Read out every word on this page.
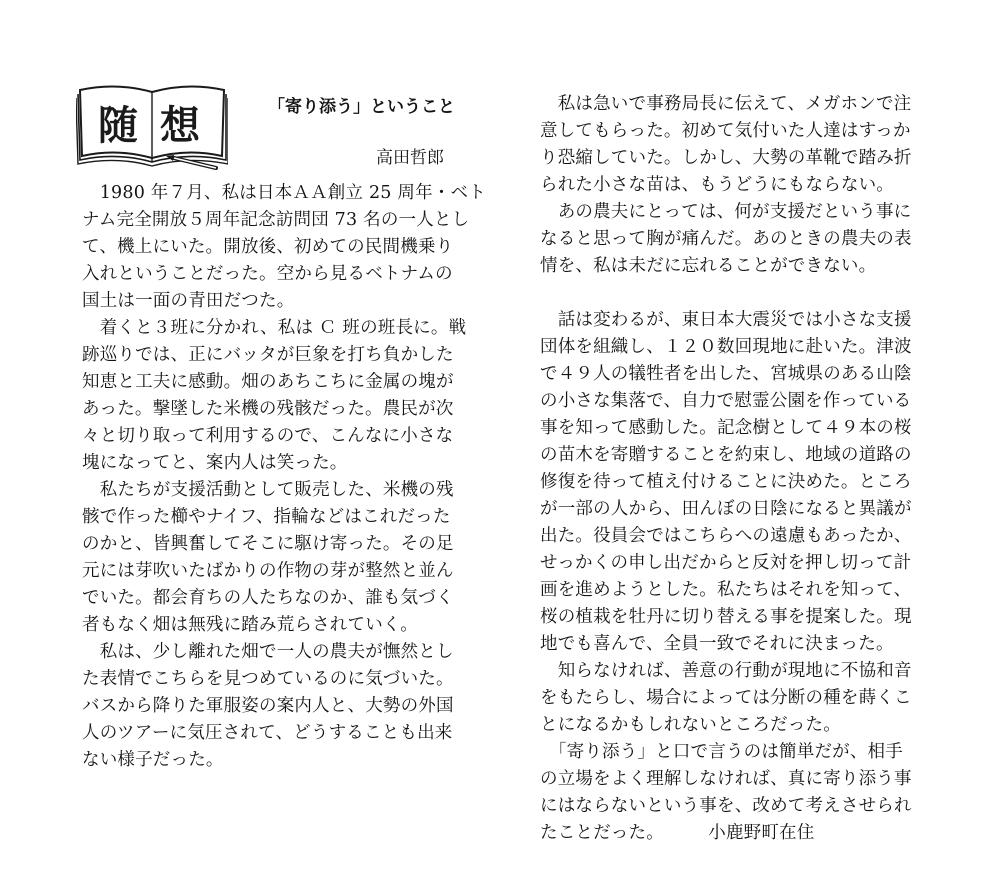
随 想	「寄り添う」ということ
高田哲郎

　1980 年７月、私は日本ＡＡ創立 25 周年・ベト

ナム完全開放５周年記念訪問団 73 名の一人とし

て、機上にいた。開放後、初めての民間機乗り

入れということだった。空から見るベトナムの

国土は一面の青田だつた。

　着くと３班に分かれ、私は Ｃ 班の班長に。戦

跡巡りでは、正にバッタが巨象を打ち負かした

知恵と工夫に感動。畑のあちこちに金属の塊が

あった。撃墜した米機の残骸だった。農民が次

々と切り取って利用するので、こんなに小さな

塊になってと、案内人は笑った。

　私たちが支援活動として販売した、米機の残

骸で作った櫛やナイフ、指輪などはこれだった

のかと、皆興奮してそこに駆け寄った。その足

元には芽吹いたばかりの作物の芽が整然と並ん

でいた。都会育ちの人たちなのか、誰も気づく

者もなく畑は無残に踏み荒らされていく。

　私は、少し離れた畑で一人の農夫が憮然とし

た表情でこちらを見つめているのに気づいた。

バスから降りた軍服姿の案内人と、大勢の外国

人のツアーに気圧されて、どうすることも出来

ない様子だった。

　私は急いで事務局長に伝えて、メガホンで注

意してもらった。初めて気付いた人達はすっか

り恐縮していた。しかし、大勢の革靴で踏み折

られた小さな苗は、もうどうにもならない。

　あの農夫にとっては、何が支援だという事に

なると思って胸が痛んだ。あのときの農夫の表

情を、私は未だに忘れることができない。

　話は変わるが、東日本大震災では小さな支援

団体を組織し、１２０数回現地に赴いた。津波

で４９人の犠牲者を出した、宮城県のある山陰

の小さな集落で、自力で慰霊公園を作っている

事を知って感動した。記念樹として４９本の桜

の苗木を寄贈することを約束し、地域の道路の

修復を待って植え付けることに決めた。ところ

が一部の人から、田んぼの日陰になると異議が

出た。役員会ではこちらへの遠慮もあったか、

せっかくの申し出だからと反対を押し切って計

画を進めようとした。私たちはそれを知って、

桜の植栽を牡丹に切り替える事を提案した。現

地でも喜んで、全員一致でそれに決まった。

　知らなければ、善意の行動が現地に不協和音

をもたらし、場合によっては分断の種を蒔くこ

とになるかもしれないところだった。

　「寄り添う」と口で言うのは簡単だが、相手

の立場をよく理解しなければ、真に寄り添う事

にはならないという事を、改めて考えさせられ

たことだった。　　　小鹿野町在住
